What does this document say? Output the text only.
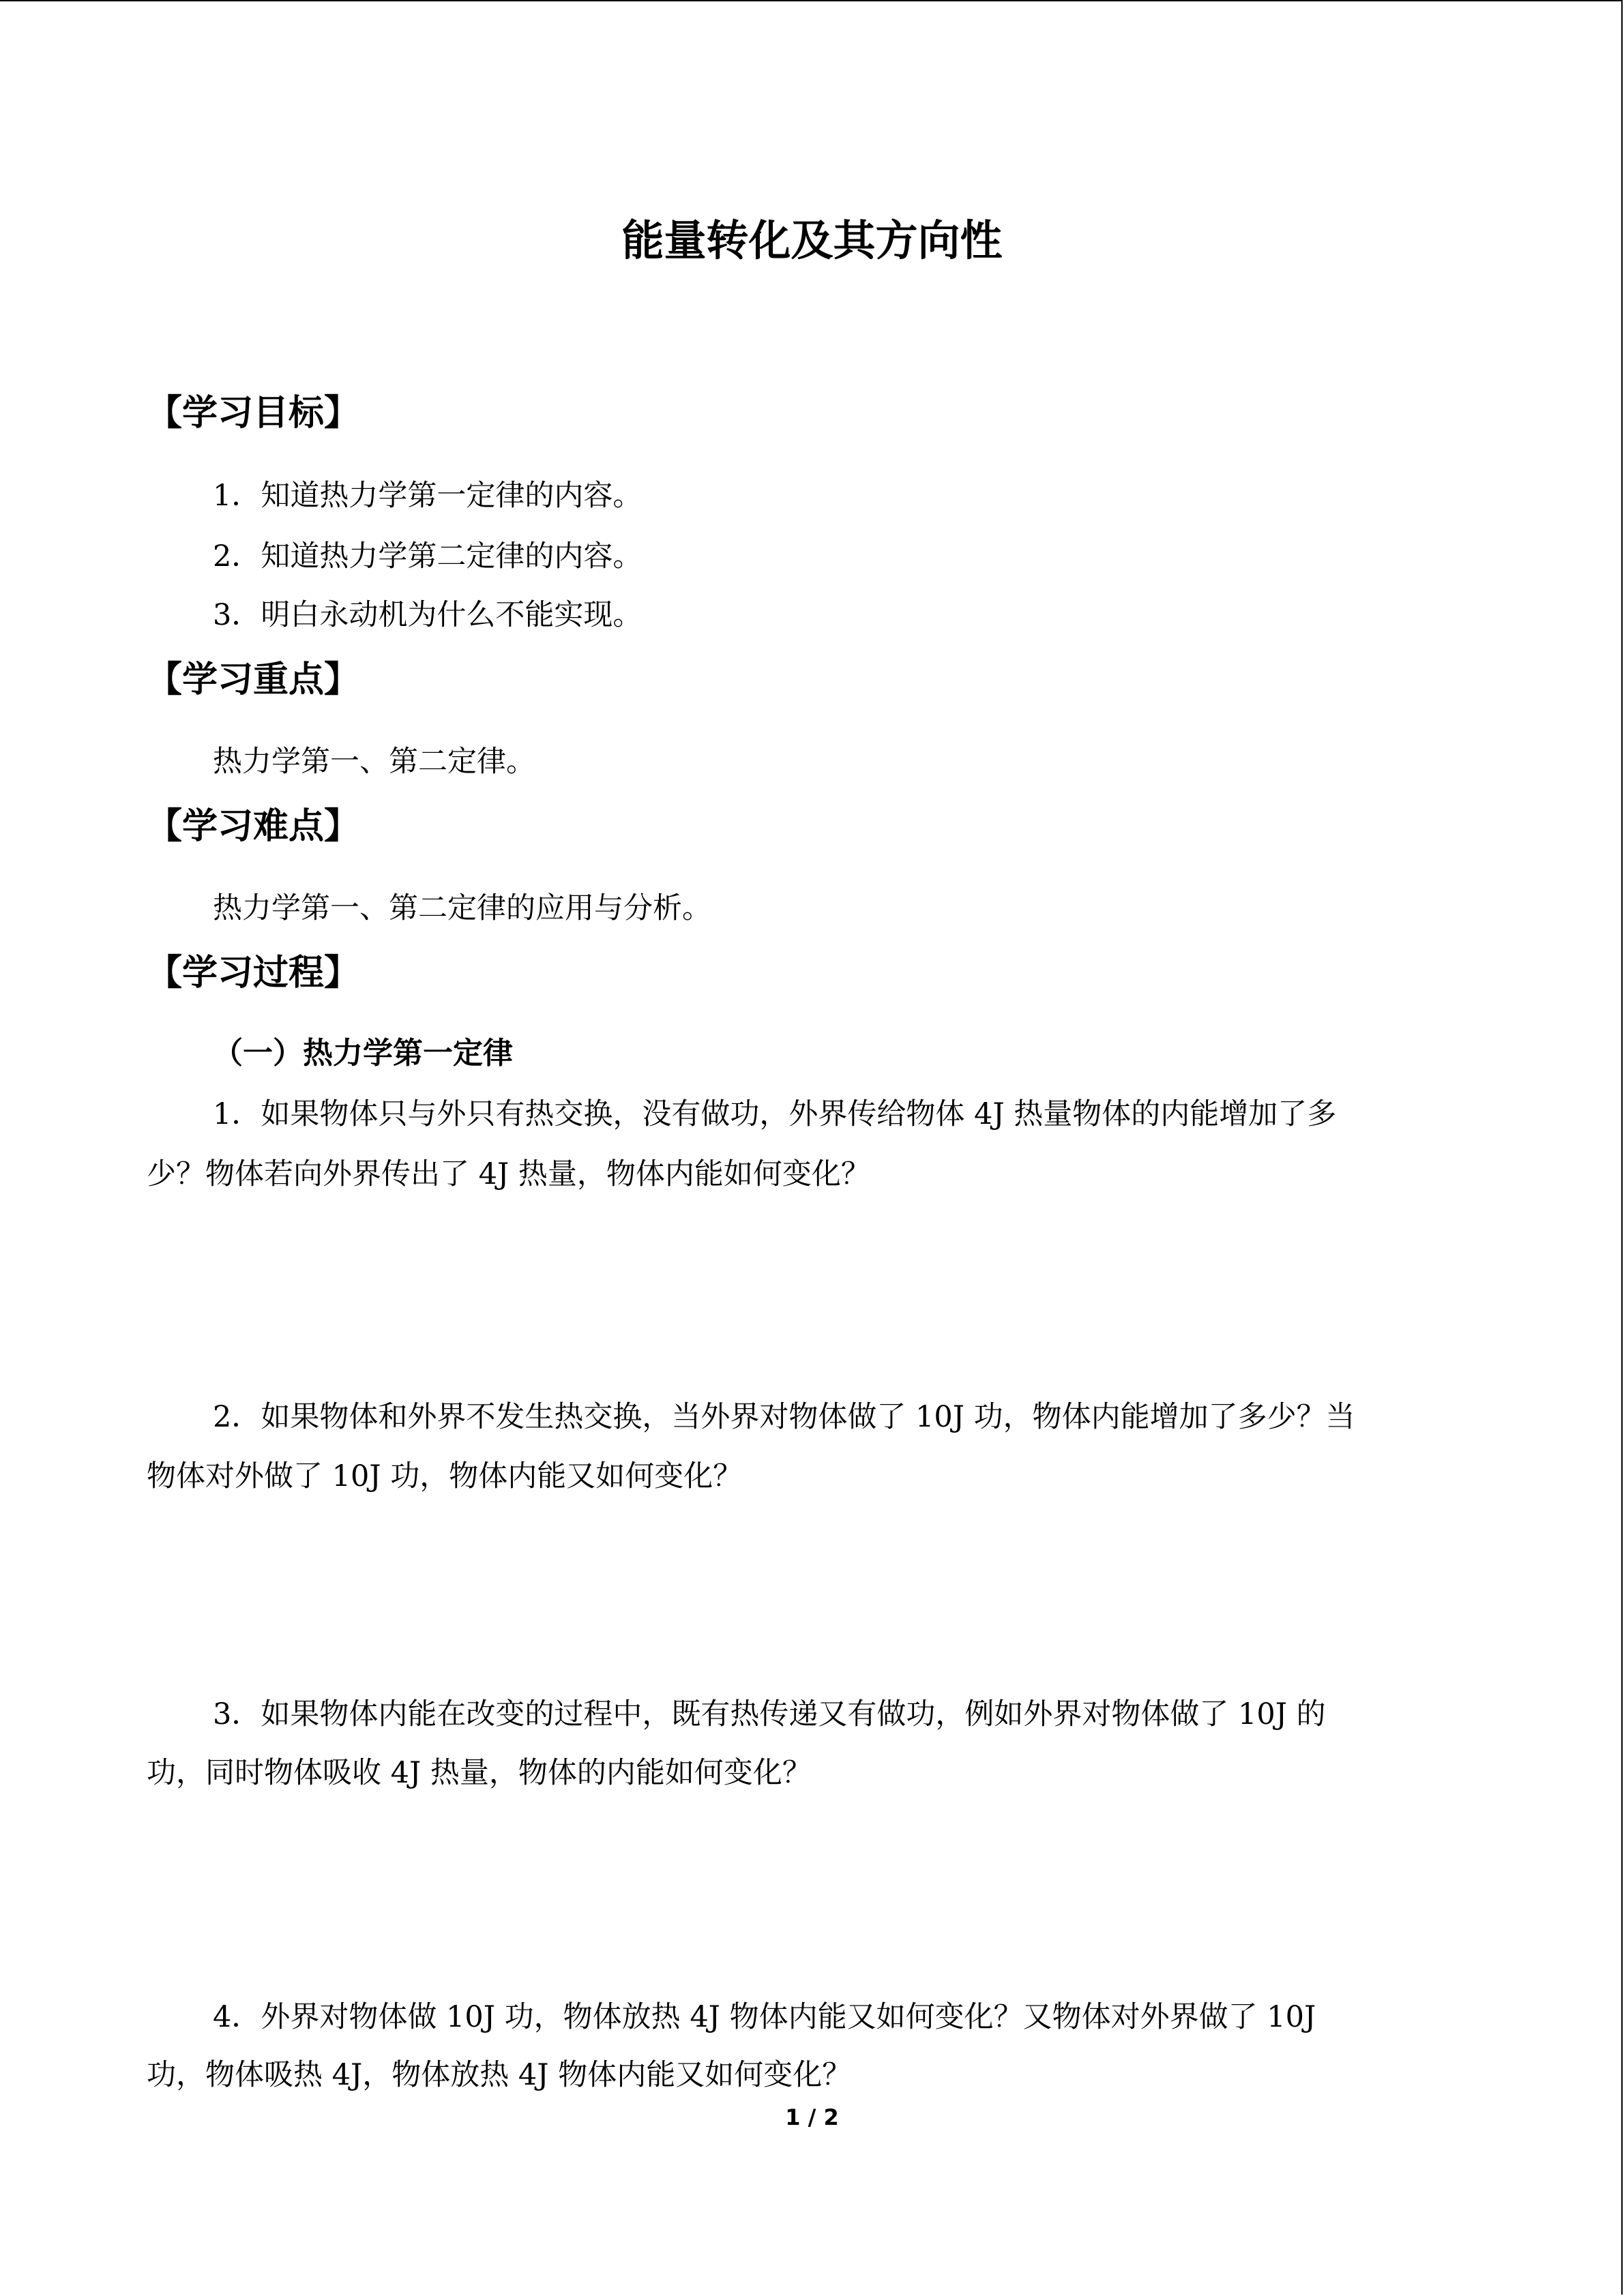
能量转化及其方向性
【学习目标】

1．知道热力学第一定律的内容。

2．知道热力学第二定律的内容。

3．明白永动机为什么不能实现。

【学习重点】

热力学第一、第二定律。

【学习难点】

热力学第一、第二定律的应用与分析。

【学习过程】

（一）热力学第一定律

1．如果物体只与外只有热交换，没有做功，外界传给物体 4J 热量物体的内能增加了多

少？物体若向外界传出了 4J 热量，物体内能如何变化？

2．如果物体和外界不发生热交换，当外界对物体做了 10J 功，物体内能增加了多少？当

物体对外做了 10J 功，物体内能又如何变化？

3．如果物体内能在改变的过程中，既有热传递又有做功，例如外界对物体做了 10J 的

功，同时物体吸收 4J 热量，物体的内能如何变化？

4．外界对物体做 10J 功，物体放热 4J 物体内能又如何变化？又物体对外界做了 10J

功，物体吸热 4J，物体放热 4J 物体内能又如何变化？

1 / 2
